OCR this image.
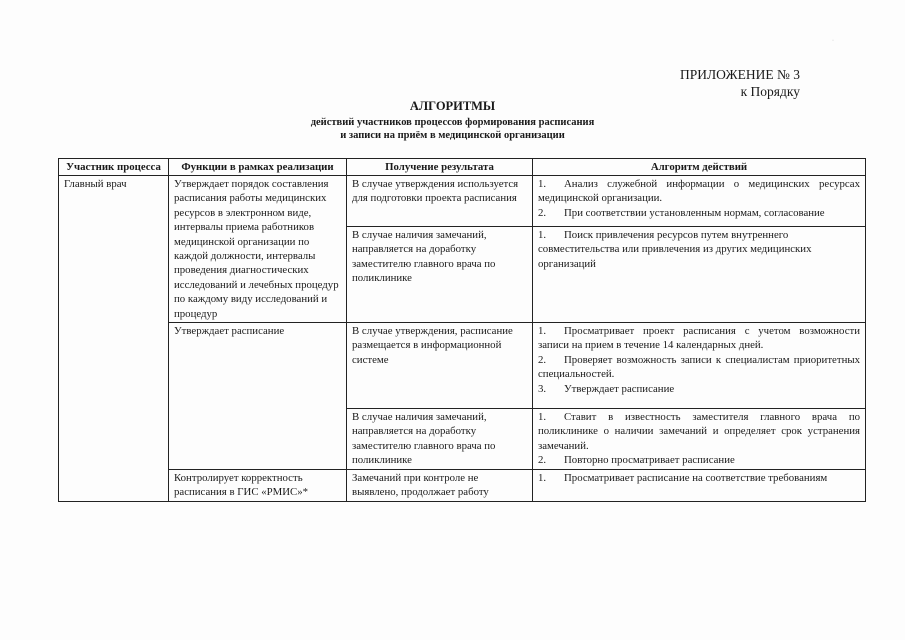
·
ПРИЛОЖЕНИЕ № 3
к Порядку
АЛГОРИТМЫ
действий участников процессов формирования расписания
и записи на приём в медицинской организации
Участник процесса	Функции в рамках реализации	Получение результата	Алгоритм действий
Главный врач	Утверждает порядок составления расписания работы медицинских ресурсов в электронном виде, интервалы приема работников медицинской организации по каждой должности, интервалы проведения диагностических исследований и лечебных процедур по каждому виду исследований и процедур	В случае утверждения используется для подготовки проекта расписания	1. Анализ служебной информации о медицинских ресурсах медицинской организации.
2. При соответствии установленным нормам, согласование

		В случае наличия замечаний, направляется на доработку заместителю главного врача по поликлинике	1. Поиск привлечения ресурсов путем внутреннего совместительства или привлечения из других медицинских организаций

	Утверждает расписание	В случае утверждения, расписание размещается в информационной системе	1. Просматривает проект расписания с учетом возможности записи на прием в течение 14 календарных дней.
2. Проверяет возможность записи к специалистам приоритетных специальностей.
3. Утверждает расписание

		В случае наличия замечаний, направляется на доработку заместителю главного врача по поликлинике	1. Ставит в известность заместителя главного врача по поликлинике о наличии замечаний и определяет срок устранения замечаний.
2. Повторно просматривает расписание

	Контролирует корректность расписания в ГИС «РМИС»*	Замечаний при контроле не выявлено, продолжает работу	1. Просматривает расписание на соответствие требованиям
